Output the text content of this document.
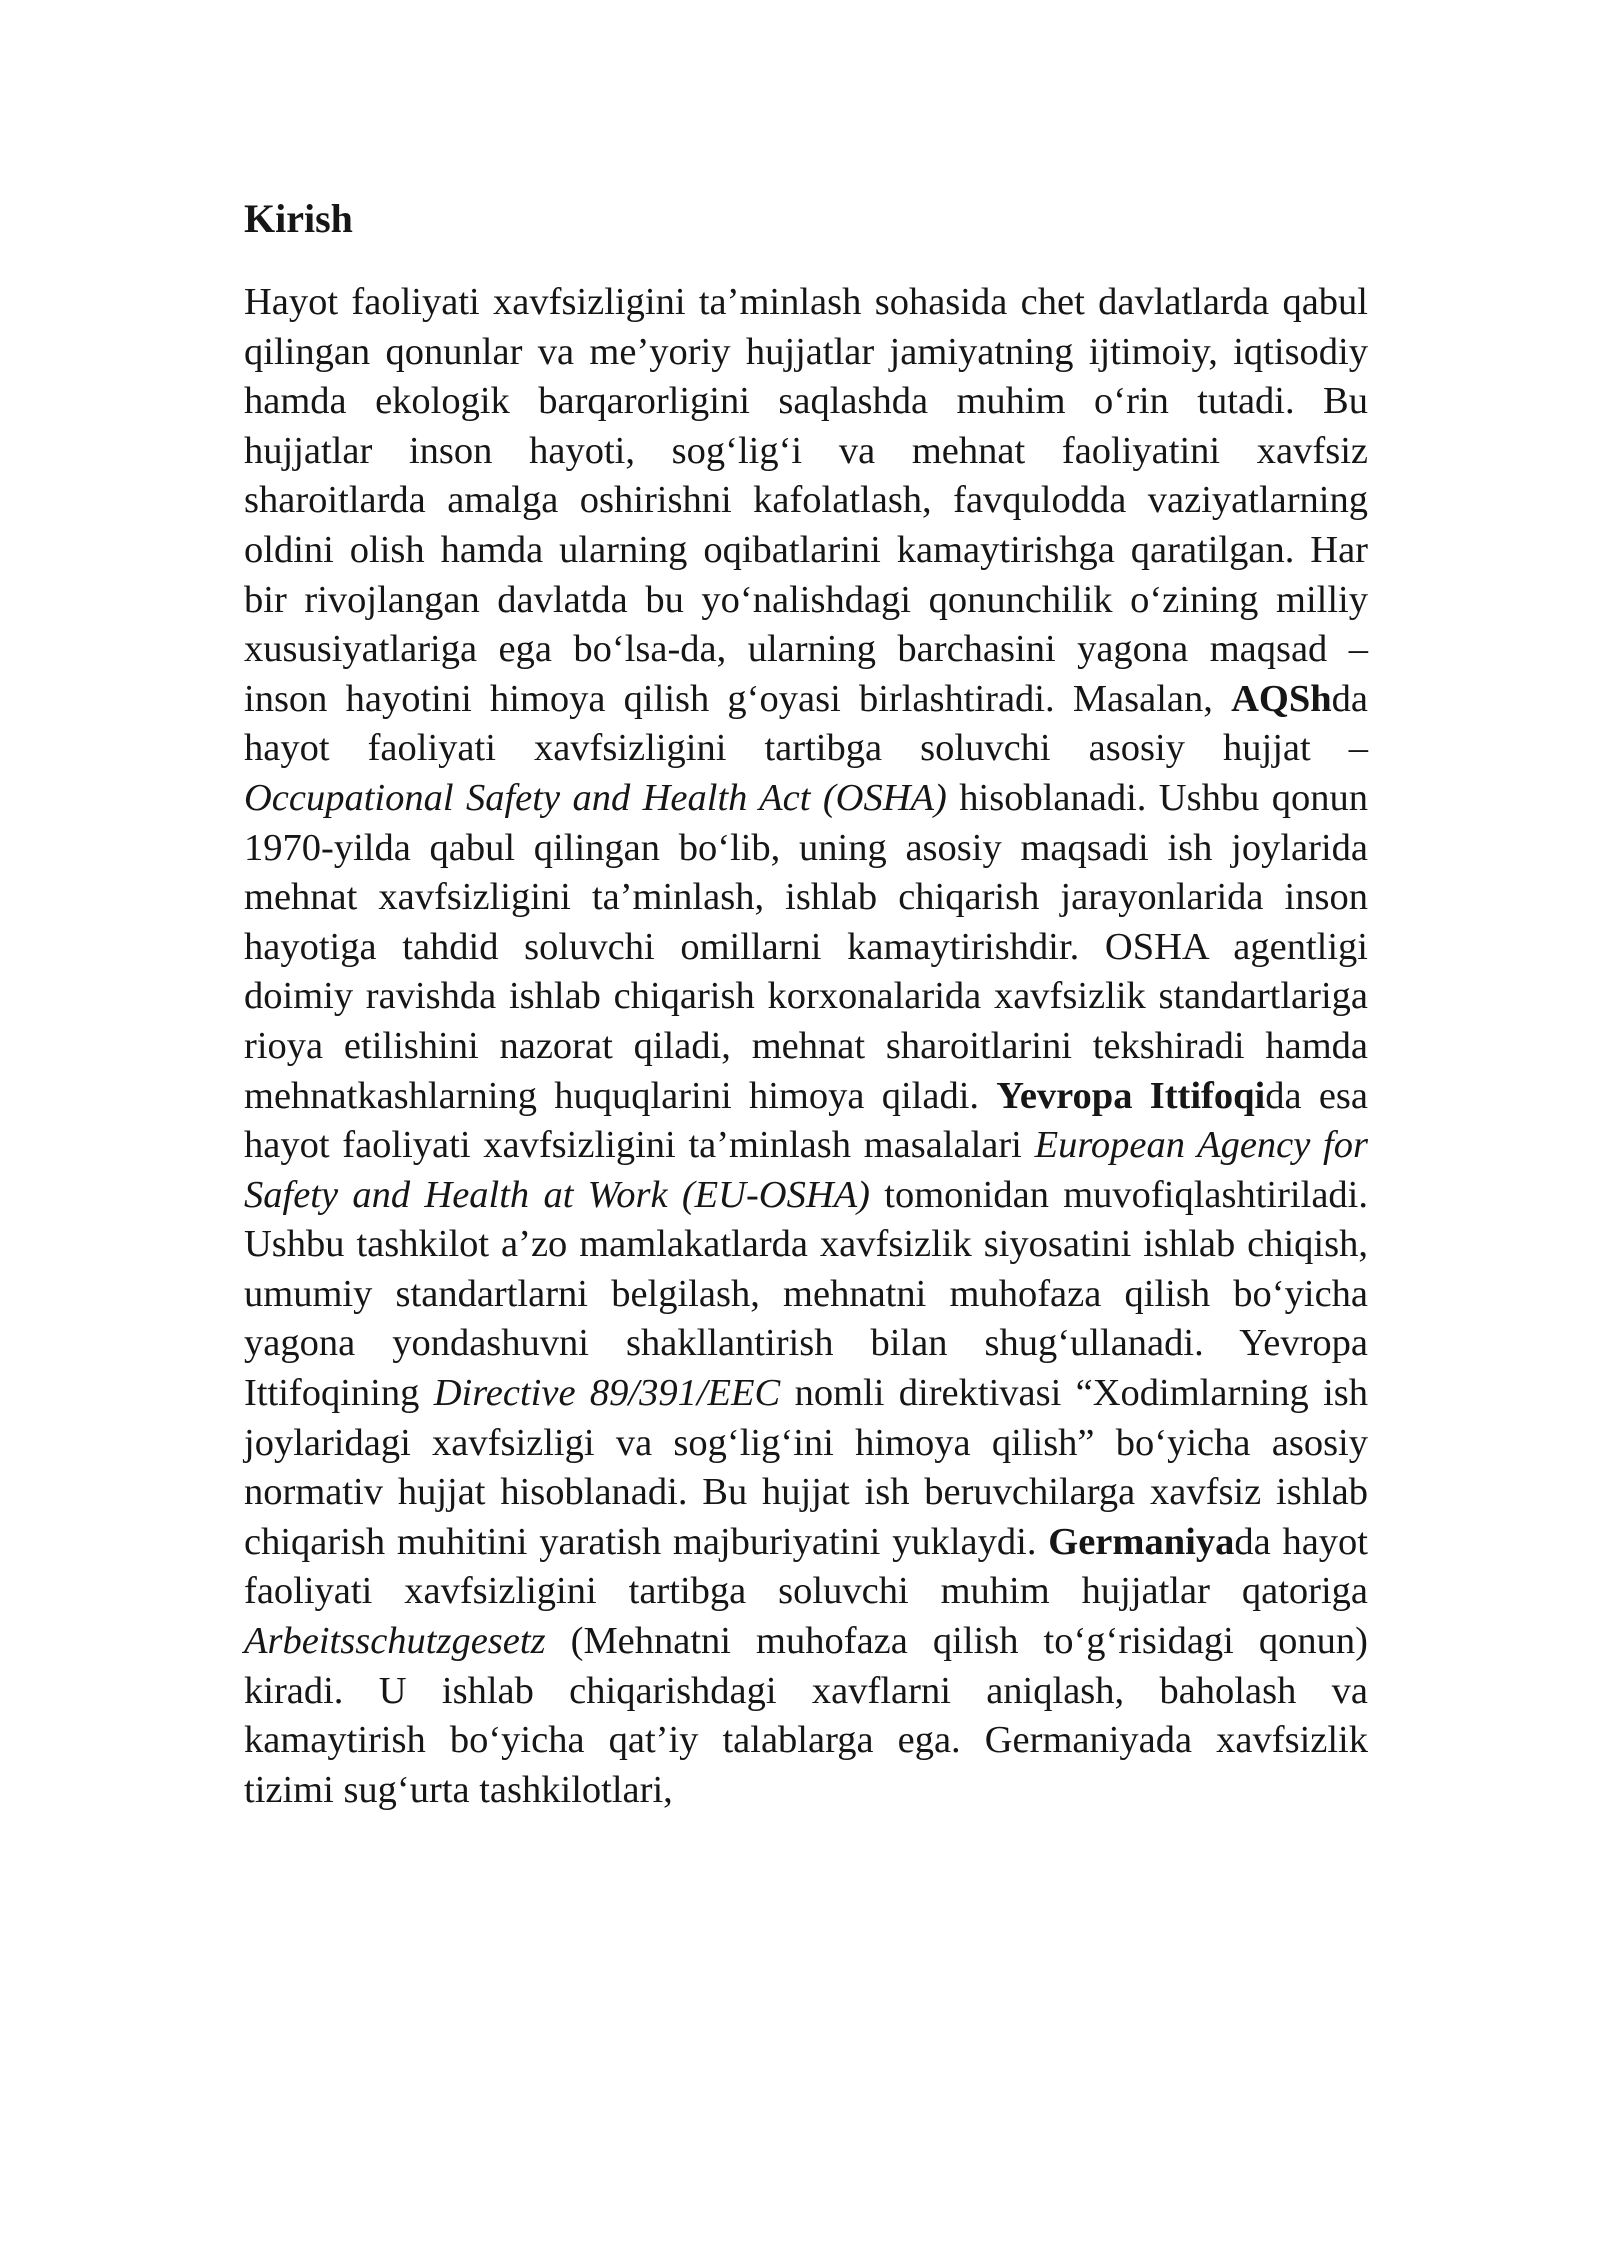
Kirish

Hayot faoliyati xavfsizligini ta’minlash sohasida chet davlatlarda qabul qilingan qonunlar va me’yoriy hujjatlar jamiyatning ijtimoiy, iqtisodiy hamda ekologik barqarorligini saqlashda muhim o‘rin tutadi. Bu hujjatlar inson hayoti, sog‘lig‘i va mehnat faoliyatini xavfsiz sharoitlarda amalga oshirishni kafolatlash, favqulodda vaziyatlarning oldini olish hamda ularning oqibatlarini kamaytirishga qaratilgan. Har bir rivojlangan davlatda bu yo‘nalishdagi qonunchilik o‘zining milliy xususiyatlariga ega bo‘lsa-da, ularning barchasini yagona maqsad – inson hayotini himoya qilish g‘oyasi birlashtiradi. Masalan, AQShda hayot faoliyati xavfsizligini tartibga soluvchi asosiy hujjat – Occupational Safety and Health Act (OSHA) hisoblanadi. Ushbu qonun 1970-yilda qabul qilingan bo‘lib, uning asosiy maqsadi ish joylarida mehnat xavfsizligini ta’minlash, ishlab chiqarish jarayonlarida inson hayotiga tahdid soluvchi omillarni kamaytirishdir. OSHA agentligi doimiy ravishda ishlab chiqarish korxonalarida xavfsizlik standartlariga rioya etilishini nazorat qiladi, mehnat sharoitlarini tekshiradi hamda mehnatkashlarning huquqlarini himoya qiladi. Yevropa Ittifoqida esa hayot faoliyati xavfsizligini ta’minlash masalalari European Agency for Safety and Health at Work (EU-OSHA) tomonidan muvofiqlashtiriladi. Ushbu tashkilot a’zo mamlakatlarda xavfsizlik siyosatini ishlab chiqish, umumiy standartlarni belgilash, mehnatni muhofaza qilish bo‘yicha yagona yondashuvni shakllantirish bilan shug‘ullanadi. Yevropa Ittifoqining Directive 89/391/EEC nomli direktivasi “Xodimlarning ish joylaridagi xavfsizligi va sog‘lig‘ini himoya qilish” bo‘yicha asosiy normativ hujjat hisoblanadi. Bu hujjat ish beruvchilarga xavfsiz ishlab chiqarish muhitini yaratish majburiyatini yuklaydi. Germaniyada hayot faoliyati xavfsizligini tartibga soluvchi muhim hujjatlar qatoriga Arbeitsschutzgesetz (Mehnatni muhofaza qilish to‘g‘risidagi qonun) kiradi. U ishlab chiqarishdagi xavflarni aniqlash, baholash va kamaytirish bo‘yicha qat’iy talablarga ega. Germaniyada xavfsizlik tizimi sug‘urta tashkilotlari,
